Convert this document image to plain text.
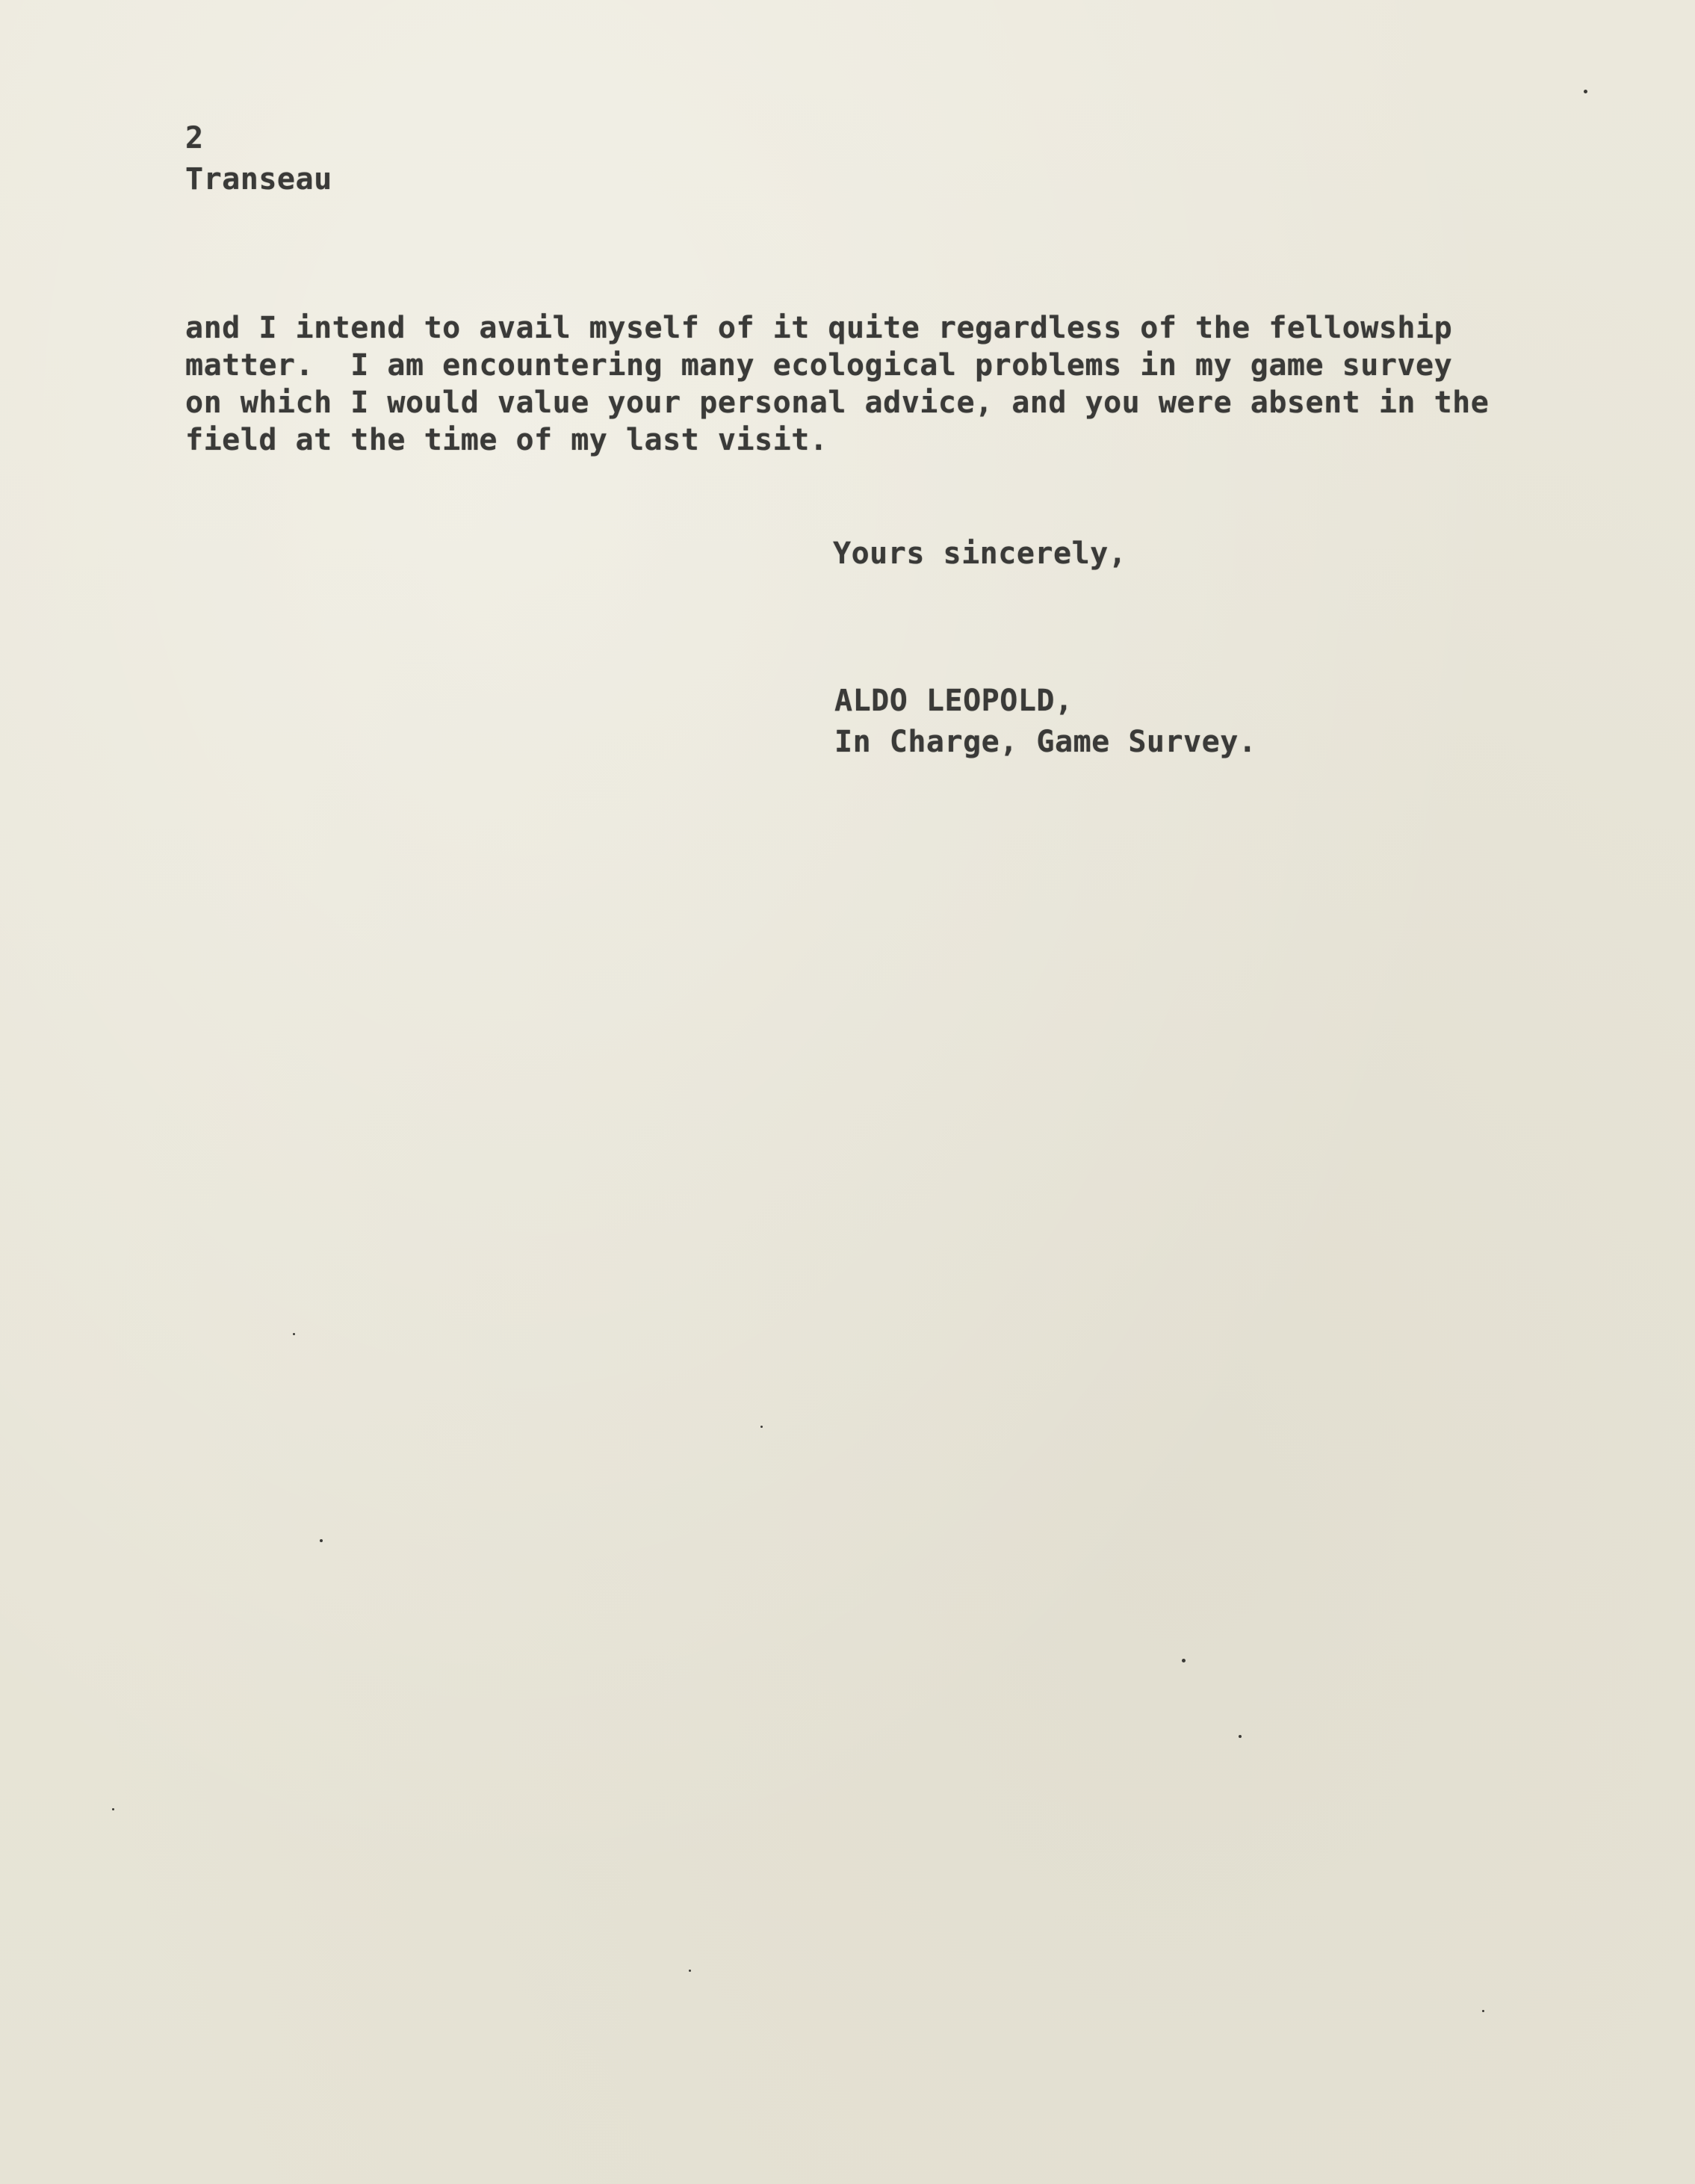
2
Transeau
and I intend to avail myself of it quite regardless of the fellowship
matter.  I am encountering many ecological problems in my game survey
on which I would value your personal advice, and you were absent in the
field at the time of my last visit.
Yours sincerely,
ALDO LEOPOLD,
In Charge, Game Survey.
